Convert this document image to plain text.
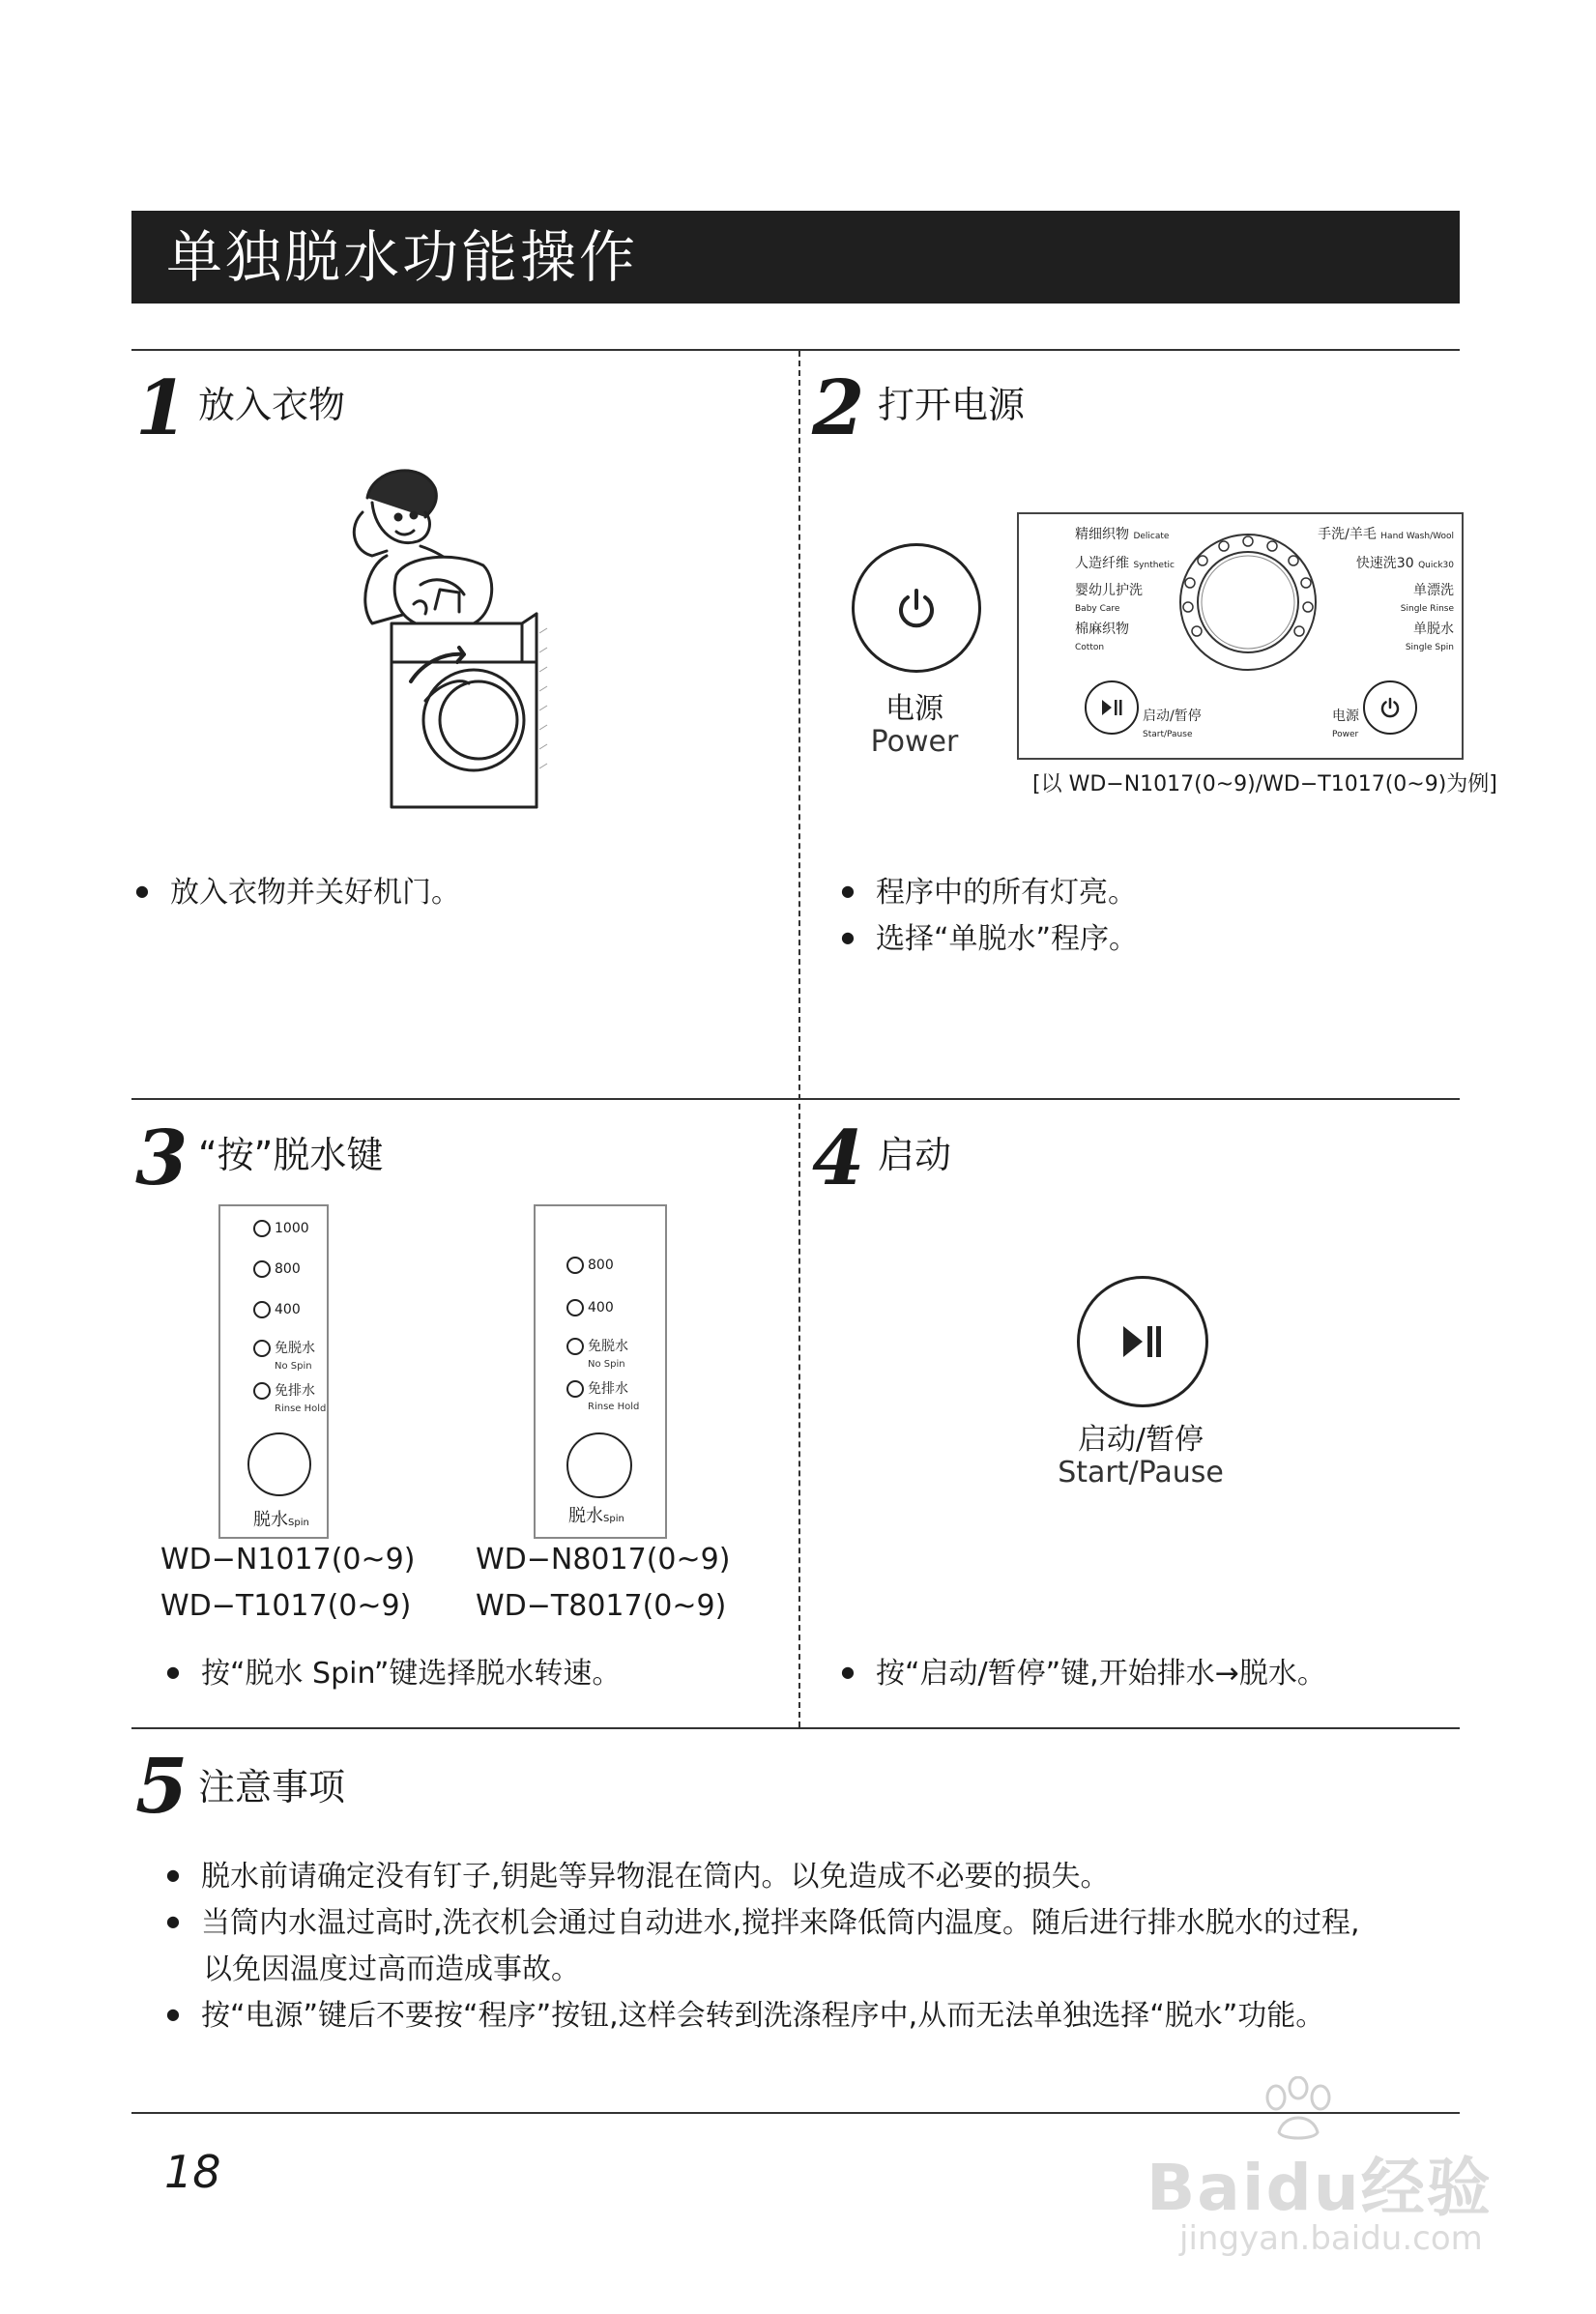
单独脱水功能操作
1 放入衣物
● 放入衣物并关好机门。
2 打开电源
电源
Power
精细织物 Delicate
人造纤维 Synthetic
婴幼儿护洗
Baby Care
棉麻织物
Cotton
手洗/羊毛 Hand Wash/Wool
快速洗30 Quick30
单漂洗
Single Rinse
单脱水
Single Spin
启动/暂停
Start/Pause
电源
Power
[以 WD−N1017(0~9)/WD−T1017(0~9)为例]
● 程序中的所有灯亮。
● 选择“单脱水”程序。
3 “按”脱水键
1000
800
400
免脱水
No Spin
免排水
Rinse Hold
脱水Spin
WD−N1017(0~9)
WD−T1017(0~9)
800
400
免脱水
No Spin
免排水
Rinse Hold
脱水Spin
WD−N8017(0~9)
WD−T8017(0~9)
● 按“脱水 Spin”键选择脱水转速。
4 启动
启动/暂停
Start/Pause
● 按“启动/暂停”键,开始排水→脱水。
5 注意事项
● 脱水前请确定没有钉子,钥匙等异物混在筒内。以免造成不必要的损失。
● 当筒内水温过高时,洗衣机会通过自动进水,搅拌来降低筒内温度。随后进行排水脱水的过程,
以免因温度过高而造成事故。
● 按“电源”键后不要按“程序”按钮,这样会转到洗涤程序中,从而无法单独选择“脱水”功能。
18	Baidu经验
jingyan.baidu.com
